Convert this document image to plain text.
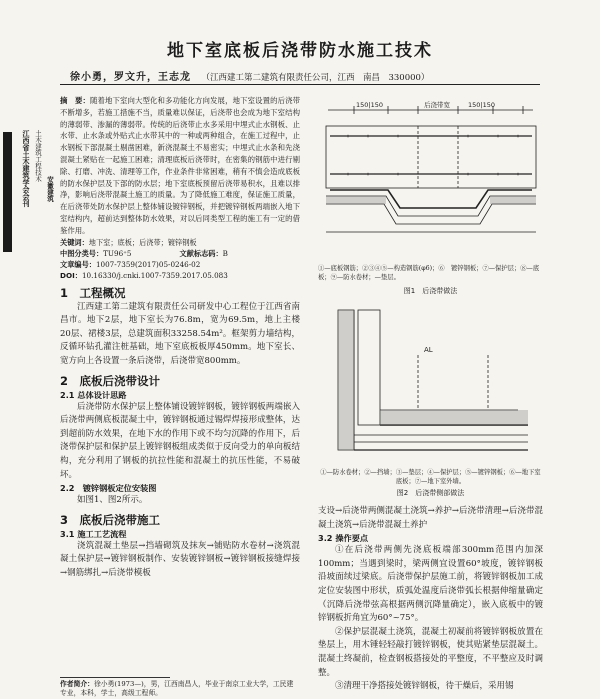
地下室底板后浇带防水施工技术
徐小勇，罗文升，王志龙 （江西建工第二建筑有限责任公司，江西　南昌　330000）
江西省土木建筑学会会刊 土木建筑工程技术
安徽建筑
摘　要：随着地下室向大型化和多功能化方向发展，地下室设置的后浇带不断增多，若施工措施不当，质量难以保证，后浇带也会成为地下室结构的薄弱带、渗漏的薄弱带。传统的后浇带止水多采用中埋式止水钢板、止水带、止水条或外贴式止水带其中的一种或两种组合，在施工过程中，止水钢板下部混凝土剔凿困难，新浇混凝土不易密实；中埋式止水条和先浇混凝土紧贴在一起施工困难；清理底板后浇带时，在密集的钢筋中进行剔除、打磨、冲洗、清理等工作，作业条件非常困难，稍有不慎会造成底板的防水保护层及下部的防水层；地下室底板预留后浇带易积水，且难以排净，影响后浇带混凝土施工的质量。为了降低施工难度，保证施工质量，在后浇带处防水保护层上整体铺设镀锌钢板，并把镀锌钢板两端嵌入地下室结构内，超前达到整体防水效果，对以后同类型工程的施工有一定的借鉴作用。
关键词：地下室；底板；后浇带；镀锌钢板
中图分类号：TU96⁺5	文献标志码：B
文章编号：1007-7359(2017)05-0246-02
DOI：10.16330/j.cnki.1007-7359.2017.05.083
1　工程概况

江西建工第二建筑有限责任公司研发中心工程位于江西省南昌市。地下2层，地下室长为76.8m，宽为69.5m，地上主楼20层、裙楼3层，总建筑面积33258.54m²。框架剪力墙结构，反循环钻孔灌注桩基础，地下室底板板厚450mm。地下室长、宽方向上各设置一条后浇带，后浇带宽800mm。

2　底板后浇带设计
2.1 总体设计思路

后浇带防水保护层上整体铺设镀锌钢板，镀锌钢板两端嵌入后浇带两侧底板混凝土中，镀锌钢板通过锡焊焊接形成整体，达到超前防水效果，在地下水的作用下或不均匀沉降的作用下，后浇带保护层和保护层上镀锌钢板组成类似于反向受力的单向板结构，充分利用了钢板的抗拉性能和混凝土的抗压性能，不易破坏。

2.2　镀锌钢板定位安装图

如图1、图2所示。

3　底板后浇带施工
3.1 施工工艺流程

浇筑混凝土垫层→挡墙砌筑及抹灰→铺贴防水卷材→浇筑混凝土保护层→镀锌钢板制作、安装镀锌钢板→镀锌钢板接缝焊接→钢筋绑扎→后浇带模板

作者简介：徐小勇(1973—)，男，江西南昌人，毕业于南京工业大学，工民建专业，本科，学士，高级工程师。
150|150	后浇带宽	150|150
①—底板钢筋；②③④⑤—构造钢筋(φ6)；⑥　镀锌钢板；⑦—保护层；⑧—底板；⑨—防水卷材；—垫层。
图1　后浇带做法
AL
①—防水卷材；②—挡墙；③—垫层；④—保护层；⑤—镀锌钢板；⑥—地下室底板；⑦—地下室外墙。
图2　后浇带侧部做法

支设→后浇带两侧混凝土浇筑→养护→后浇带清理→后浇带混凝土浇筑→后浇带混凝土养护

3.2 操作要点

①在后浇带两侧先浇底板端部300mm范围内加深100mm；当遇到梁时，梁两侧宜设置60°坡度，镀锌钢板沿坡面续过梁底。后浇带保护层施工前，将镀锌钢板加工成定位安装图中形状，质弧处温度后浇带弧长根据伸缩量确定（沉降后浇带弦高根据两侧沉降量确定），嵌入底板中的镀锌钢板折角宜为60°~75°。

②保护层混凝土浇筑，混凝土初凝前将镀锌钢板放置在垫层上，用木锤轻轻敲打镀锌钢板，使其贴紧垫层混凝土。混凝土终凝前，检查钢板搭接处的平整度，不平整应及时调整。

③清理干净搭接处镀锌钢板，待干燥后，采用锡
